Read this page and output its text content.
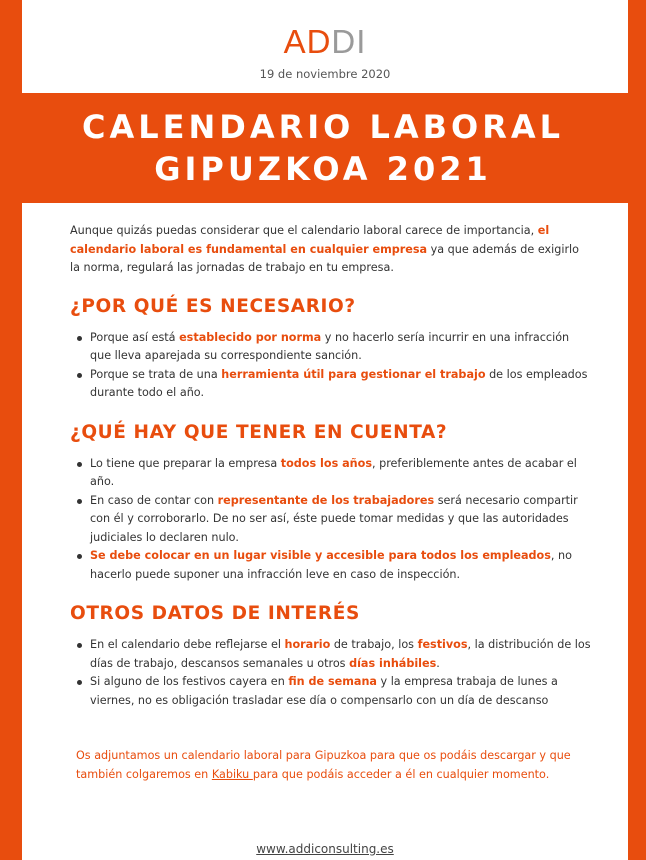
ADDI
19 de noviembre 2020
CALENDARIO LABORAL
GIPUZKOA 2021

Aunque quizás puedas considerar que el calendario laboral carece de importancia, el calendario laboral es fundamental en cualquier empresa ya que además de exigirlo la norma, regulará las jornadas de trabajo en tu empresa.

¿POR QUÉ ES NECESARIO?
Porque así está establecido por norma y no hacerlo sería incurrir en una infracción que lleva aparejada su correspondiente sanción.
Porque se trata de una herramienta útil para gestionar el trabajo de los empleados durante todo el año.
¿QUÉ HAY QUE TENER EN CUENTA?
Lo tiene que preparar la empresa todos los años, preferiblemente antes de acabar el año.
En caso de contar con representante de los trabajadores será necesario compartir con él y corroborarlo. De no ser así, éste puede tomar medidas y que las autoridades judiciales lo declaren nulo.
Se debe colocar en un lugar visible y accesible para todos los empleados, no hacerlo puede suponer una infracción leve en caso de inspección.
OTROS DATOS DE INTERÉS
En el calendario debe reflejarse el horario de trabajo, los festivos, la distribución de los días de trabajo, descansos semanales u otros días inhábiles.
Si alguno de los festivos cayera en fin de semana y la empresa trabaja de lunes a viernes, no es obligación trasladar ese día o compensarlo con un día de descanso

Os adjuntamos un calendario laboral para Gipuzkoa para que os podáis descargar y que también colgaremos en Kabiku para que podáis acceder a él en cualquier momento.

www.addiconsulting.es
